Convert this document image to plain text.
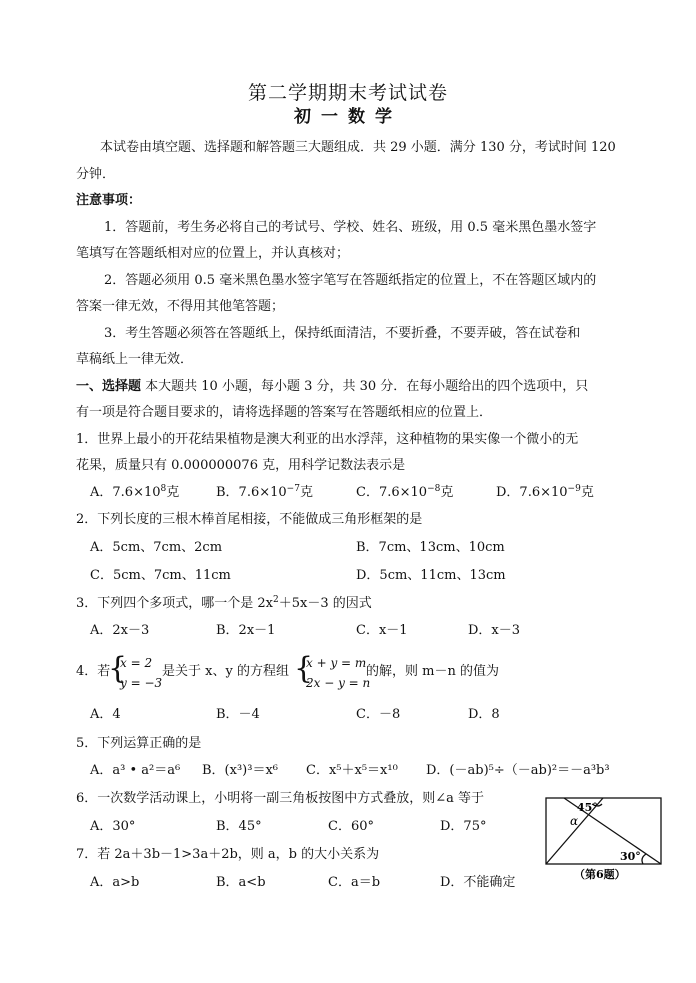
第二学期期末考试试卷
初一数学
本试卷由填空题、选择题和解答题三大题组成．共 29 小题．满分 130 分，考试时间 120
分钟．
注意事项：
1．答题前，考生务必将自己的考试号、学校、姓名、班级，用 0.5 毫米黑色墨水签字
笔填写在答题纸相对应的位置上，并认真核对；
2．答题必须用 0.5 毫米黑色墨水签字笔写在答题纸指定的位置上，不在答题区域内的
答案一律无效，不得用其他笔答题；
3．考生答题必须答在答题纸上，保持纸面清洁，不要折叠，不要弄破，答在试卷和
草稿纸上一律无效．
一、选择题 本大题共 10 小题，每小题 3 分，共 30 分．在每小题给出的四个选项中，只
有一项是符合题目要求的，请将选择题的答案写在答题纸相应的位置上．
1．世界上最小的开花结果植物是澳大利亚的出水浮萍，这种植物的果实像一个微小的无
花果，质量只有 0.000000076 克，用科学记数法表示是
A．$7.6\times 10^8$克	B．$7.6\times 10^{-7}$克	C．$7.6\times 10^{-8}$克	D．$7.6\times 10^{-9}$克
2．下列长度的三根木棒首尾相接，不能做成三角形框架的是
A．5cm、7cm、2cm	B．7cm、13cm、10cm
C．5cm、7cm、11cm	D．5cm、11cm、13cm
3．下列四个多项式，哪一个是 $2x^2+5x-3$ 的因式
A．2x－3	B．2x－1	C．x－1	D．x－3
4．若
{
x = 2
y = −3
是关于 x、y 的方程组 {
x + y = m
2x − y = n
的解，则 m－n 的值为
A．4	B．－4	C．－8	D．8
5．下列运算正确的是
A．a³ • a²＝a⁶ B．(x³)³＝x⁶ C．x⁵＋x⁵＝x¹⁰ D．(－ab)⁵÷（－ab)²＝－a³b³
6．一次数学活动课上，小明将一副三角板按图中方式叠放，则∠a 等于
A．30°	B．45°	C．60°	D．75°
45°
α
30°
（第6题）
7．若 2a＋3b－1>3a＋2b，则 a，b 的大小关系为
A．a>b	B．a<b	C．a＝b	D．不能确定
